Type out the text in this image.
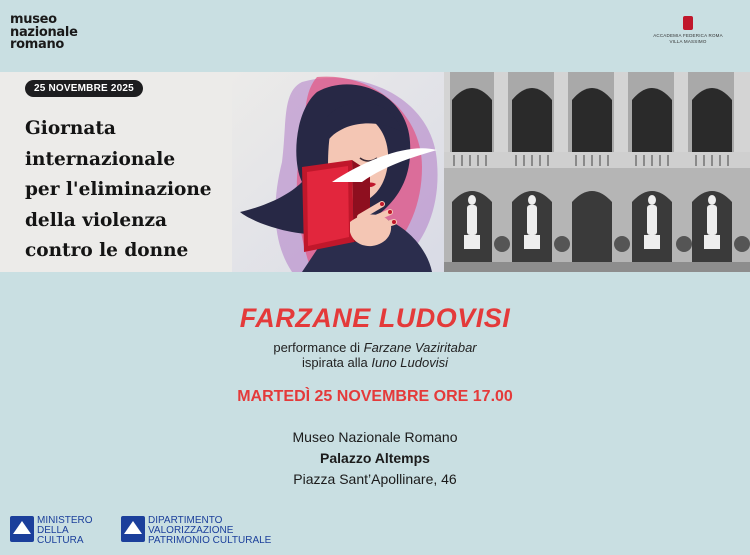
museo
nazionale
romano
ACCADEMIA FEDERICA ROMA
VILLA MASSIMO
25 NOVEMBRE 2025
Giornata
internazionale
per l'eliminazione
della violenza
contro le donne
FARZANE LUDOVISI
performance di Farzane Vaziritabar
ispirata alla Iuno Ludovisi
MARTEDÌ 25 NOVEMBRE ORE 17.00
Museo Nazionale Romano
Palazzo Altemps
Piazza Sant’Apollinare, 46
MINISTERO
DELLA
CULTURA
DIPARTIMENTO
VALORIZZAZIONE
PATRIMONIO CULTURALE
